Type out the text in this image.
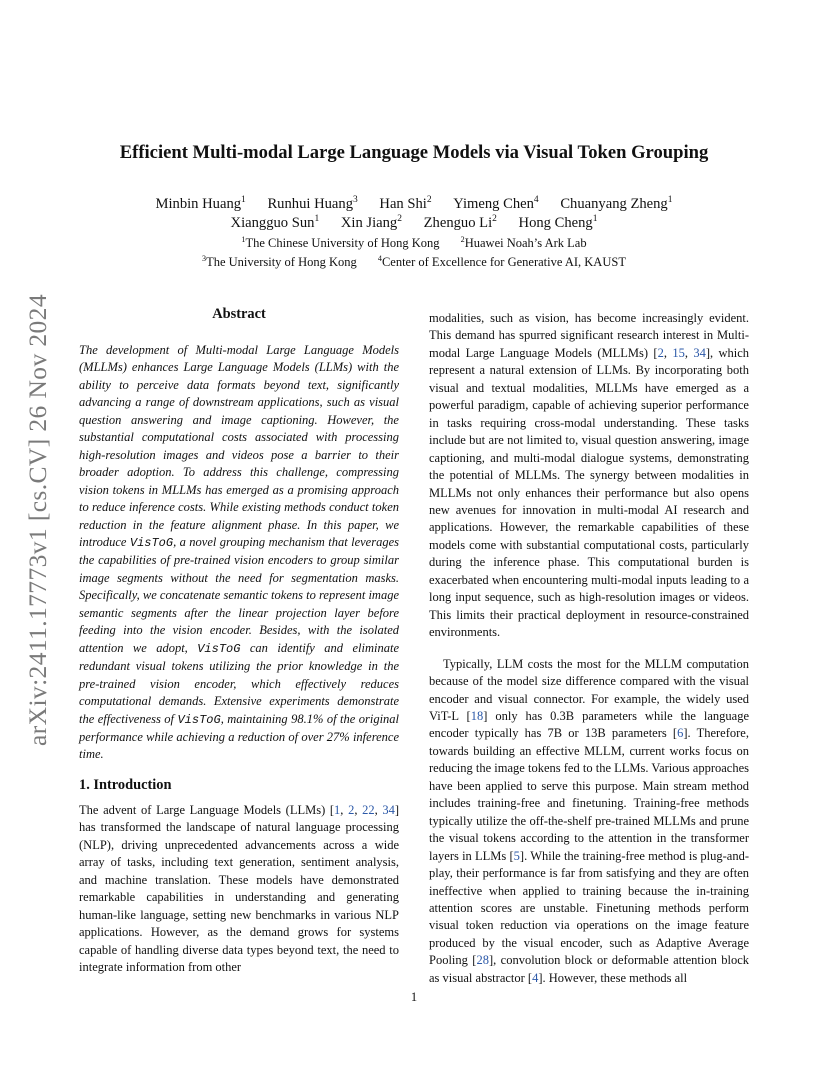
arXiv:2411.17773v1 [cs.CV] 26 Nov 2024
Efficient Multi-modal Large Language Models via Visual Token Grouping
Minbin Huang$^1$ Runhui Huang$^3$ Han Shi$^2$ Yimeng Chen$^4$ Chuanyang Zheng$^1$
Xiangguo Sun$^1$ Xin Jiang$^2$ Zhenguo Li$^2$ Hong Cheng$^1$
$^1$The Chinese University of Hong Kong	$^2$Huawei Noah’s Ark Lab
$^3$The University of Hong Kong	$^4$Center of Excellence for Generative AI, KAUST
Abstract

The development of Multi-modal Large Language Models (MLLMs) enhances Large Language Models (LLMs) with the ability to perceive data formats beyond text, significantly advancing a range of downstream applications, such as visual question answering and image captioning. However, the substantial computational costs associated with processing high-resolution images and videos pose a barrier to their broader adoption. To address this challenge, compressing vision tokens in MLLMs has emerged as a promising approach to reduce inference costs. While existing methods conduct token reduction in the feature alignment phase. In this paper, we introduce VisToG, a novel grouping mechanism that leverages the capabilities of pre-trained vision encoders to group similar image segments without the need for segmentation masks. Specifically, we concatenate semantic tokens to represent image semantic segments after the linear projection layer before feeding into the vision encoder. Besides, with the isolated attention we adopt, VisToG can identify and eliminate redundant visual tokens utilizing the prior knowledge in the pre-trained vision encoder, which effectively reduces computational demands. Extensive experiments demonstrate the effectiveness of VisToG, maintaining 98.1% of the original performance while achieving a reduction of over 27% inference time.

1. Introduction

The advent of Large Language Models (LLMs) [1, 2, 22, 34] has transformed the landscape of natural language processing (NLP), driving unprecedented advancements across a wide array of tasks, including text generation, sentiment analysis, and machine translation. These models have demonstrated remarkable capabilities in understanding and generating human-like language, setting new benchmarks in various NLP applications. However, as the demand grows for systems capable of handling diverse data types beyond text, the need to integrate information from other

modalities, such as vision, has become increasingly evident. This demand has spurred significant research interest in Multi-modal Large Language Models (MLLMs) [2, 15, 34], which represent a natural extension of LLMs. By incorporating both visual and textual modalities, MLLMs have emerged as a powerful paradigm, capable of achieving superior performance in tasks requiring cross-modal understanding. These tasks include but are not limited to, visual question answering, image captioning, and multi-modal dialogue systems, demonstrating the potential of MLLMs. The synergy between modalities in MLLMs not only enhances their performance but also opens new avenues for innovation in multi-modal AI research and applications. However, the remarkable capabilities of these models come with substantial computational costs, particularly during the inference phase. This computational burden is exacerbated when encountering multi-modal inputs leading to a long input sequence, such as high-resolution images or videos. This limits their practical deployment in resource-constrained environments.

Typically, LLM costs the most for the MLLM computation because of the model size difference compared with the visual encoder and visual connector. For example, the widely used ViT-L [18] only has 0.3B parameters while the language encoder typically has 7B or 13B parameters [6]. Therefore, towards building an effective MLLM, current works focus on reducing the image tokens fed to the LLMs. Various approaches have been applied to serve this purpose. Main stream method includes training-free and finetuning. Training-free methods typically utilize the off-the-shelf pre-trained MLLMs and prune the visual tokens according to the attention in the transformer layers in LLMs [5]. While the training-free method is plug-and-play, their performance is far from satisfying and they are often ineffective when applied to training because the in-training attention scores are unstable. Finetuning methods perform visual token reduction via operations on the image feature produced by the visual encoder, such as Adaptive Average Pooling [28], convolution block or deformable attention block as visual abstractor [4]. However, these methods all

1
